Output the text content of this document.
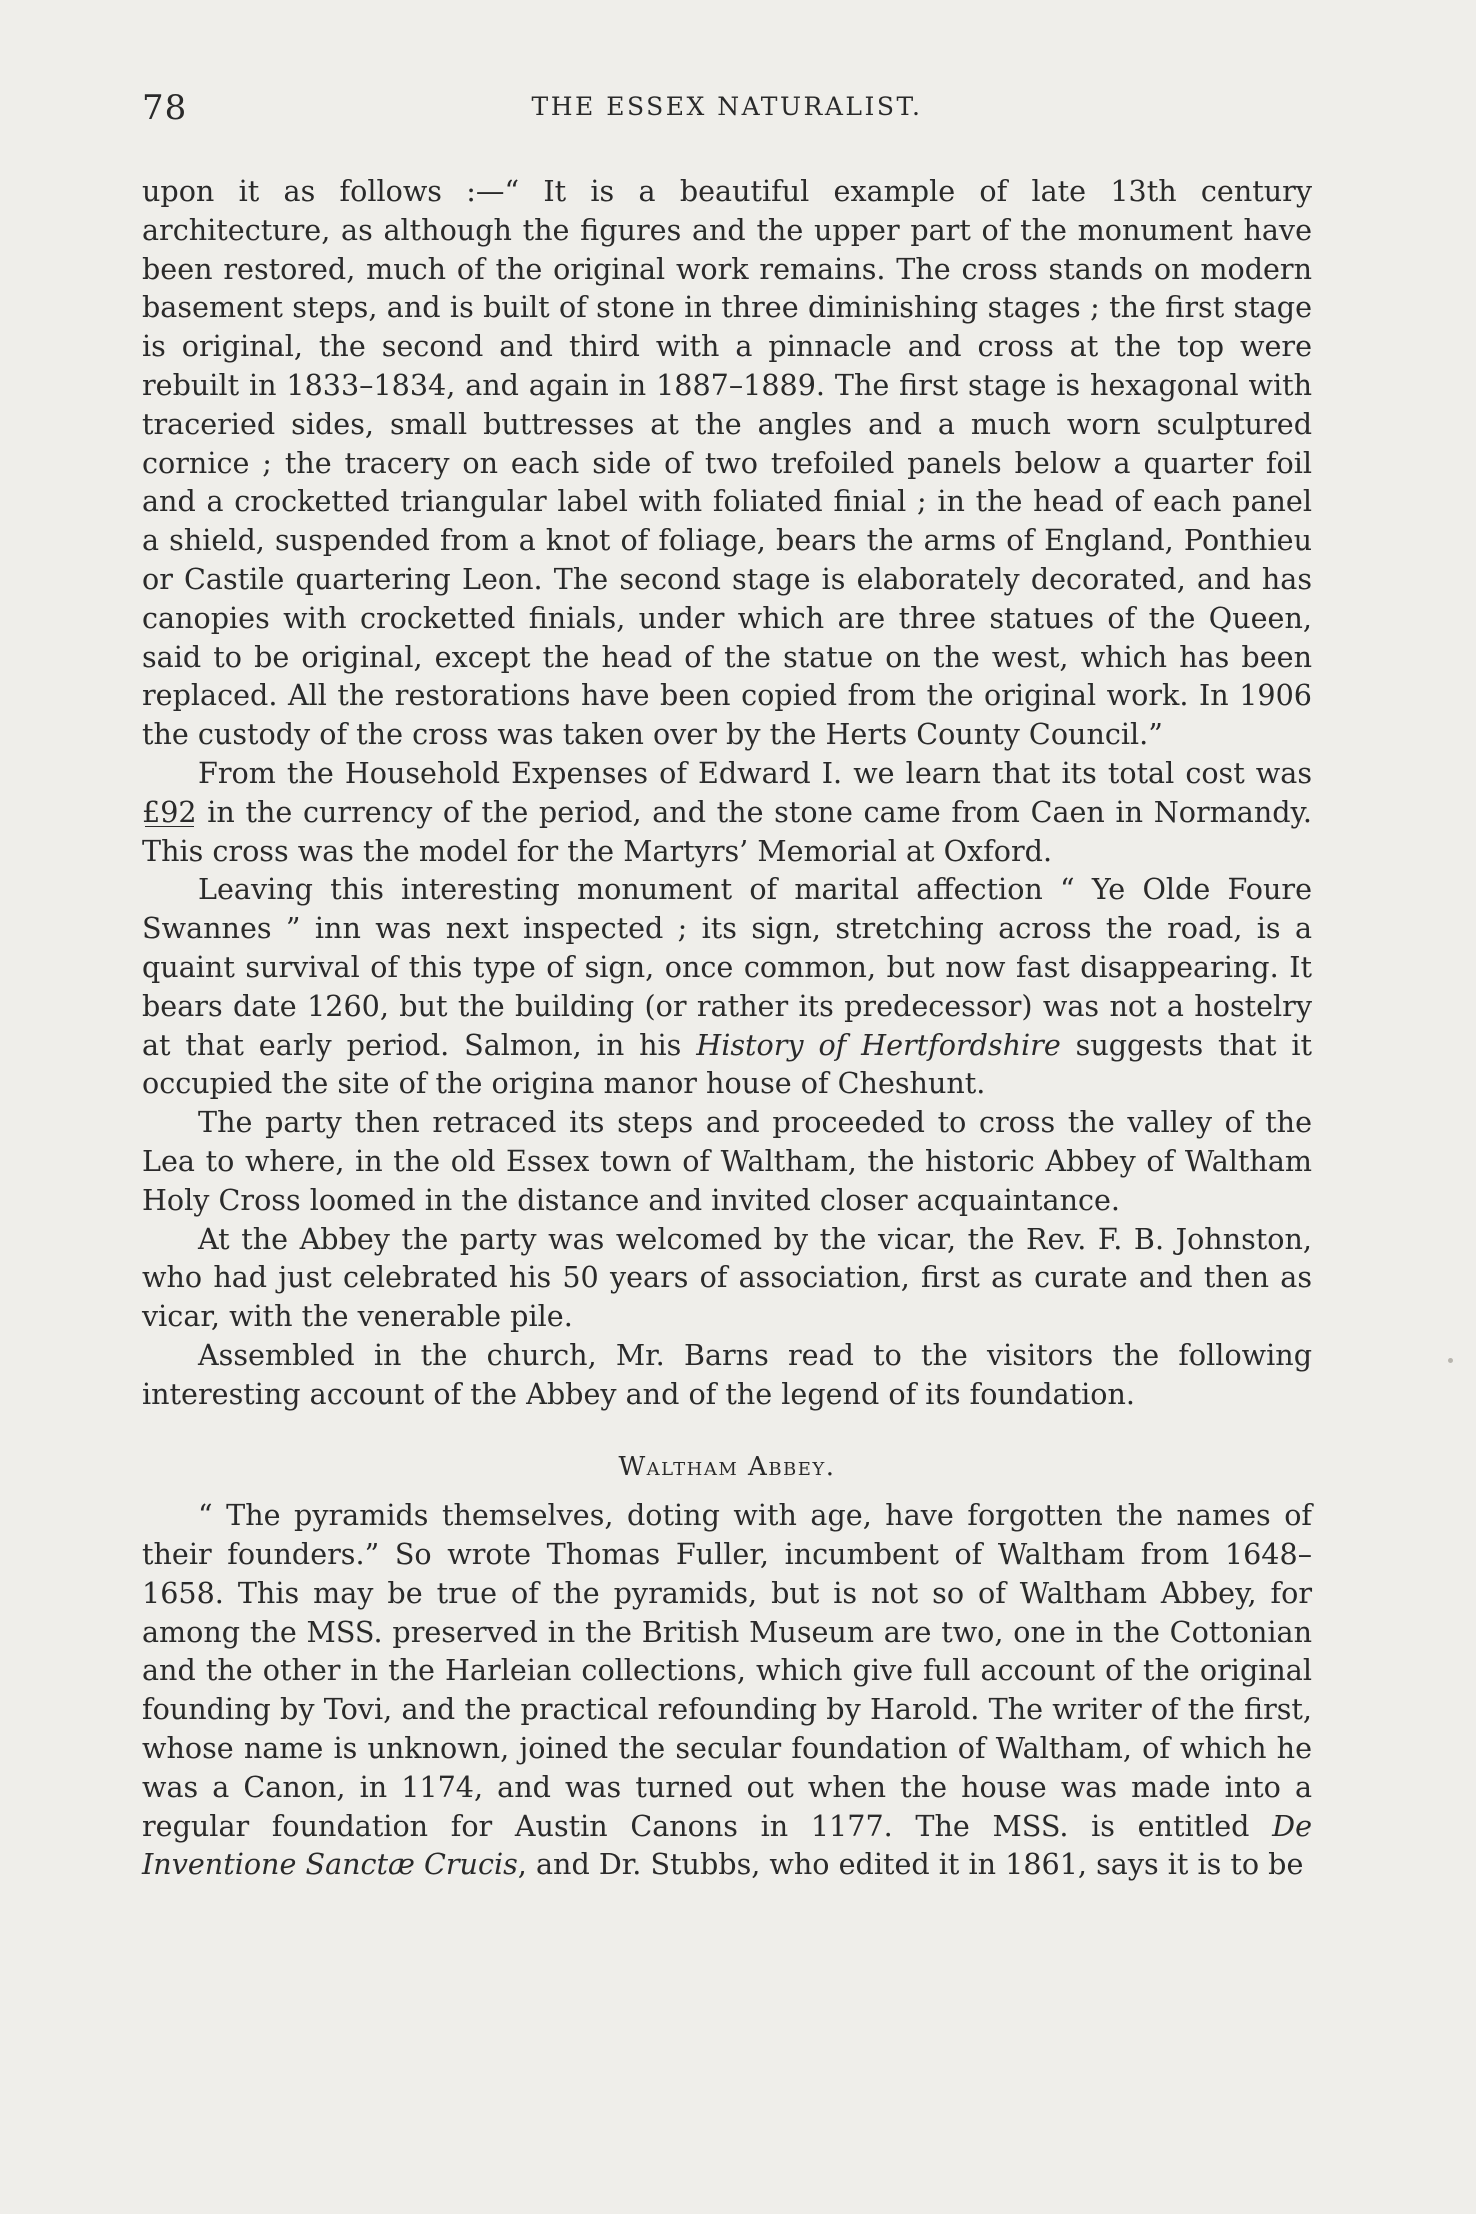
78	THE ESSEX NATURALIST.

upon it as follows :—“ It is a beautiful example of late 13th century architecture, as although the figures and the upper part of the monument have been restored, much of the original work remains. The cross stands on modern basement steps, and is built of stone in three diminishing stages ; the first stage is original, the second and third with a pinnacle and cross at the top were rebuilt in 1833–1834, and again in 1887–1889. The first stage is hexagonal with traceried sides, small buttresses at the angles and a much worn sculptured cornice ; the tracery on each side of two trefoiled panels below a quarter foil and a crocketted triangular label with foliated finial ; in the head of each panel a shield, suspended from a knot of foliage, bears the arms of England, Ponthieu or Castile quartering Leon. The second stage is elaborately decorated, and has canopies with crocketted finials, under which are three statues of the Queen, said to be original, except the head of the statue on the west, which has been replaced. All the restorations have been copied from the original work. In 1906 the custody of the cross was taken over by the Herts County Council.”

From the Household Expenses of Edward I. we learn that its total cost was £92 in the currency of the period, and the stone came from Caen in Normandy. This cross was the model for the Martyrs’ Memorial at Oxford.

Leaving this interesting monument of marital affection “ Ye Olde Foure Swannes ” inn was next inspected ; its sign, stretching across the road, is a quaint survival of this type of sign, once common, but now fast disappearing. It bears date 1260, but the building (or rather its predecessor) was not a hostelry at that early period. Salmon, in his History of Hertfordshire suggests that it occupied the site of the origina manor house of Cheshunt.

The party then retraced its steps and proceeded to cross the valley of the Lea to where, in the old Essex town of Waltham, the historic Abbey of Waltham Holy Cross loomed in the distance and invited closer acquaintance.

At the Abbey the party was welcomed by the vicar, the Rev. F. B. Johnston, who had just celebrated his 50 years of association, first as curate and then as vicar, with the venerable pile.

Assembled in the church, Mr. Barns read to the visitors the following interesting account of the Abbey and of the legend of its foundation.

Waltham Abbey.

“ The pyramids themselves, doting with age, have forgotten the names of their founders.” So wrote Thomas Fuller, incumbent of Waltham from 1648–1658. This may be true of the pyramids, but is not so of Waltham Abbey, for among the MSS. preserved in the British Museum are two, one in the Cottonian and the other in the Harleian collections, which give full account of the original founding by Tovi, and the practical refounding by Harold. The writer of the first, whose name is unknown, joined the secular foundation of Waltham, of which he was a Canon, in 1174, and was turned out when the house was made into a regular foundation for Austin Canons in 1177. The MSS. is entitled De Inventione Sanctæ Crucis, and Dr. Stubbs, who edited it in 1861, says it is to be
